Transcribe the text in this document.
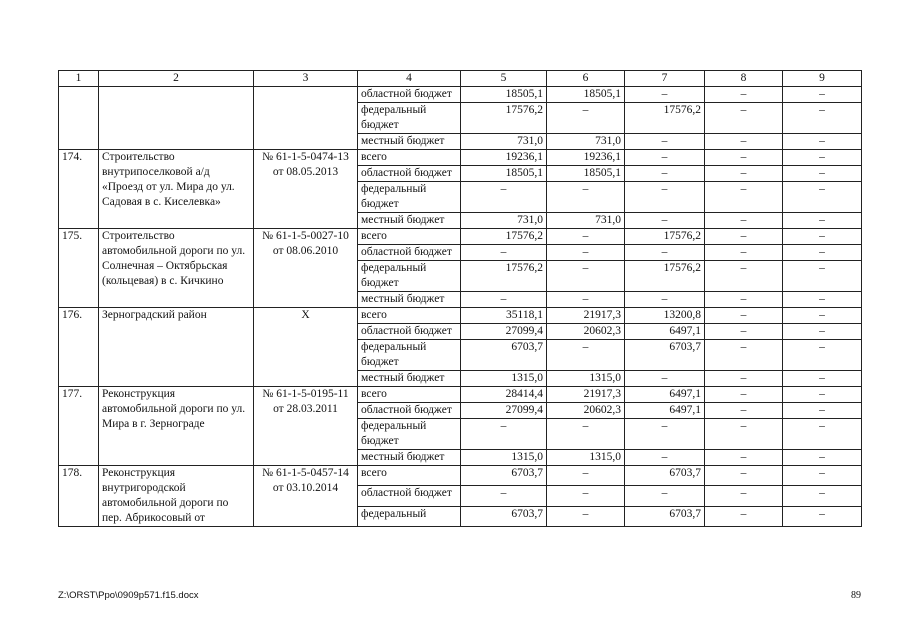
1	2	3	4	5	6	7	8	9
			областной бюджет	18505,1	18505,1	–	–	–
			федеральный бюджет	17576,2	–	17576,2	–	–
			местный бюджет	731,0	731,0	–	–	–
174.	Строительство внутрипоселковой а/д «Проезд от ул. Мира до ул. Садовая в с. Киселевка»	№ 61-1-5-0474-13 от 08.05.2013	всего	19236,1	19236,1	–	–	–
			областной бюджет	18505,1	18505,1	–	–	–
			федеральный бюджет	–	–	–	–	–
			местный бюджет	731,0	731,0	–	–	–
175.	Строительство автомобильной дороги по ул. Солнечная – Октябрьская (кольцевая) в с. Кичкино	№ 61-1-5-0027-10 от 08.06.2010	всего	17576,2	–	17576,2	–	–
			областной бюджет	–	–	–	–	–
			федеральный бюджет	17576,2	–	17576,2	–	–
			местный бюджет	–	–	–	–	–
176.	Зерноградский район	Х	всего	35118,1	21917,3	13200,8	–	–
			областной бюджет	27099,4	20602,3	6497,1	–	–
			федеральный бюджет	6703,7	–	6703,7	–	–
			местный бюджет	1315,0	1315,0	–	–	–
177.	Реконструкция автомобильной дороги по ул. Мира в г. Зернограде	№ 61-1-5-0195-11 от 28.03.2011	всего	28414,4	21917,3	6497,1	–	–
			областной бюджет	27099,4	20602,3	6497,1	–	–
			федеральный бюджет	–	–	–	–	–
			местный бюджет	1315,0	1315,0	–	–	–
178.	Реконструкция внутригородской автомобильной дороги по пер. Абрикосовый от	№ 61-1-5-0457-14 от 03.10.2014	всего	6703,7	–	6703,7	–	–
			областной бюджет	–	–	–	–	–
			федеральный	6703,7	–	6703,7	–	–
Z:\ORST\Ppo\0909p571.f15.docx	89
